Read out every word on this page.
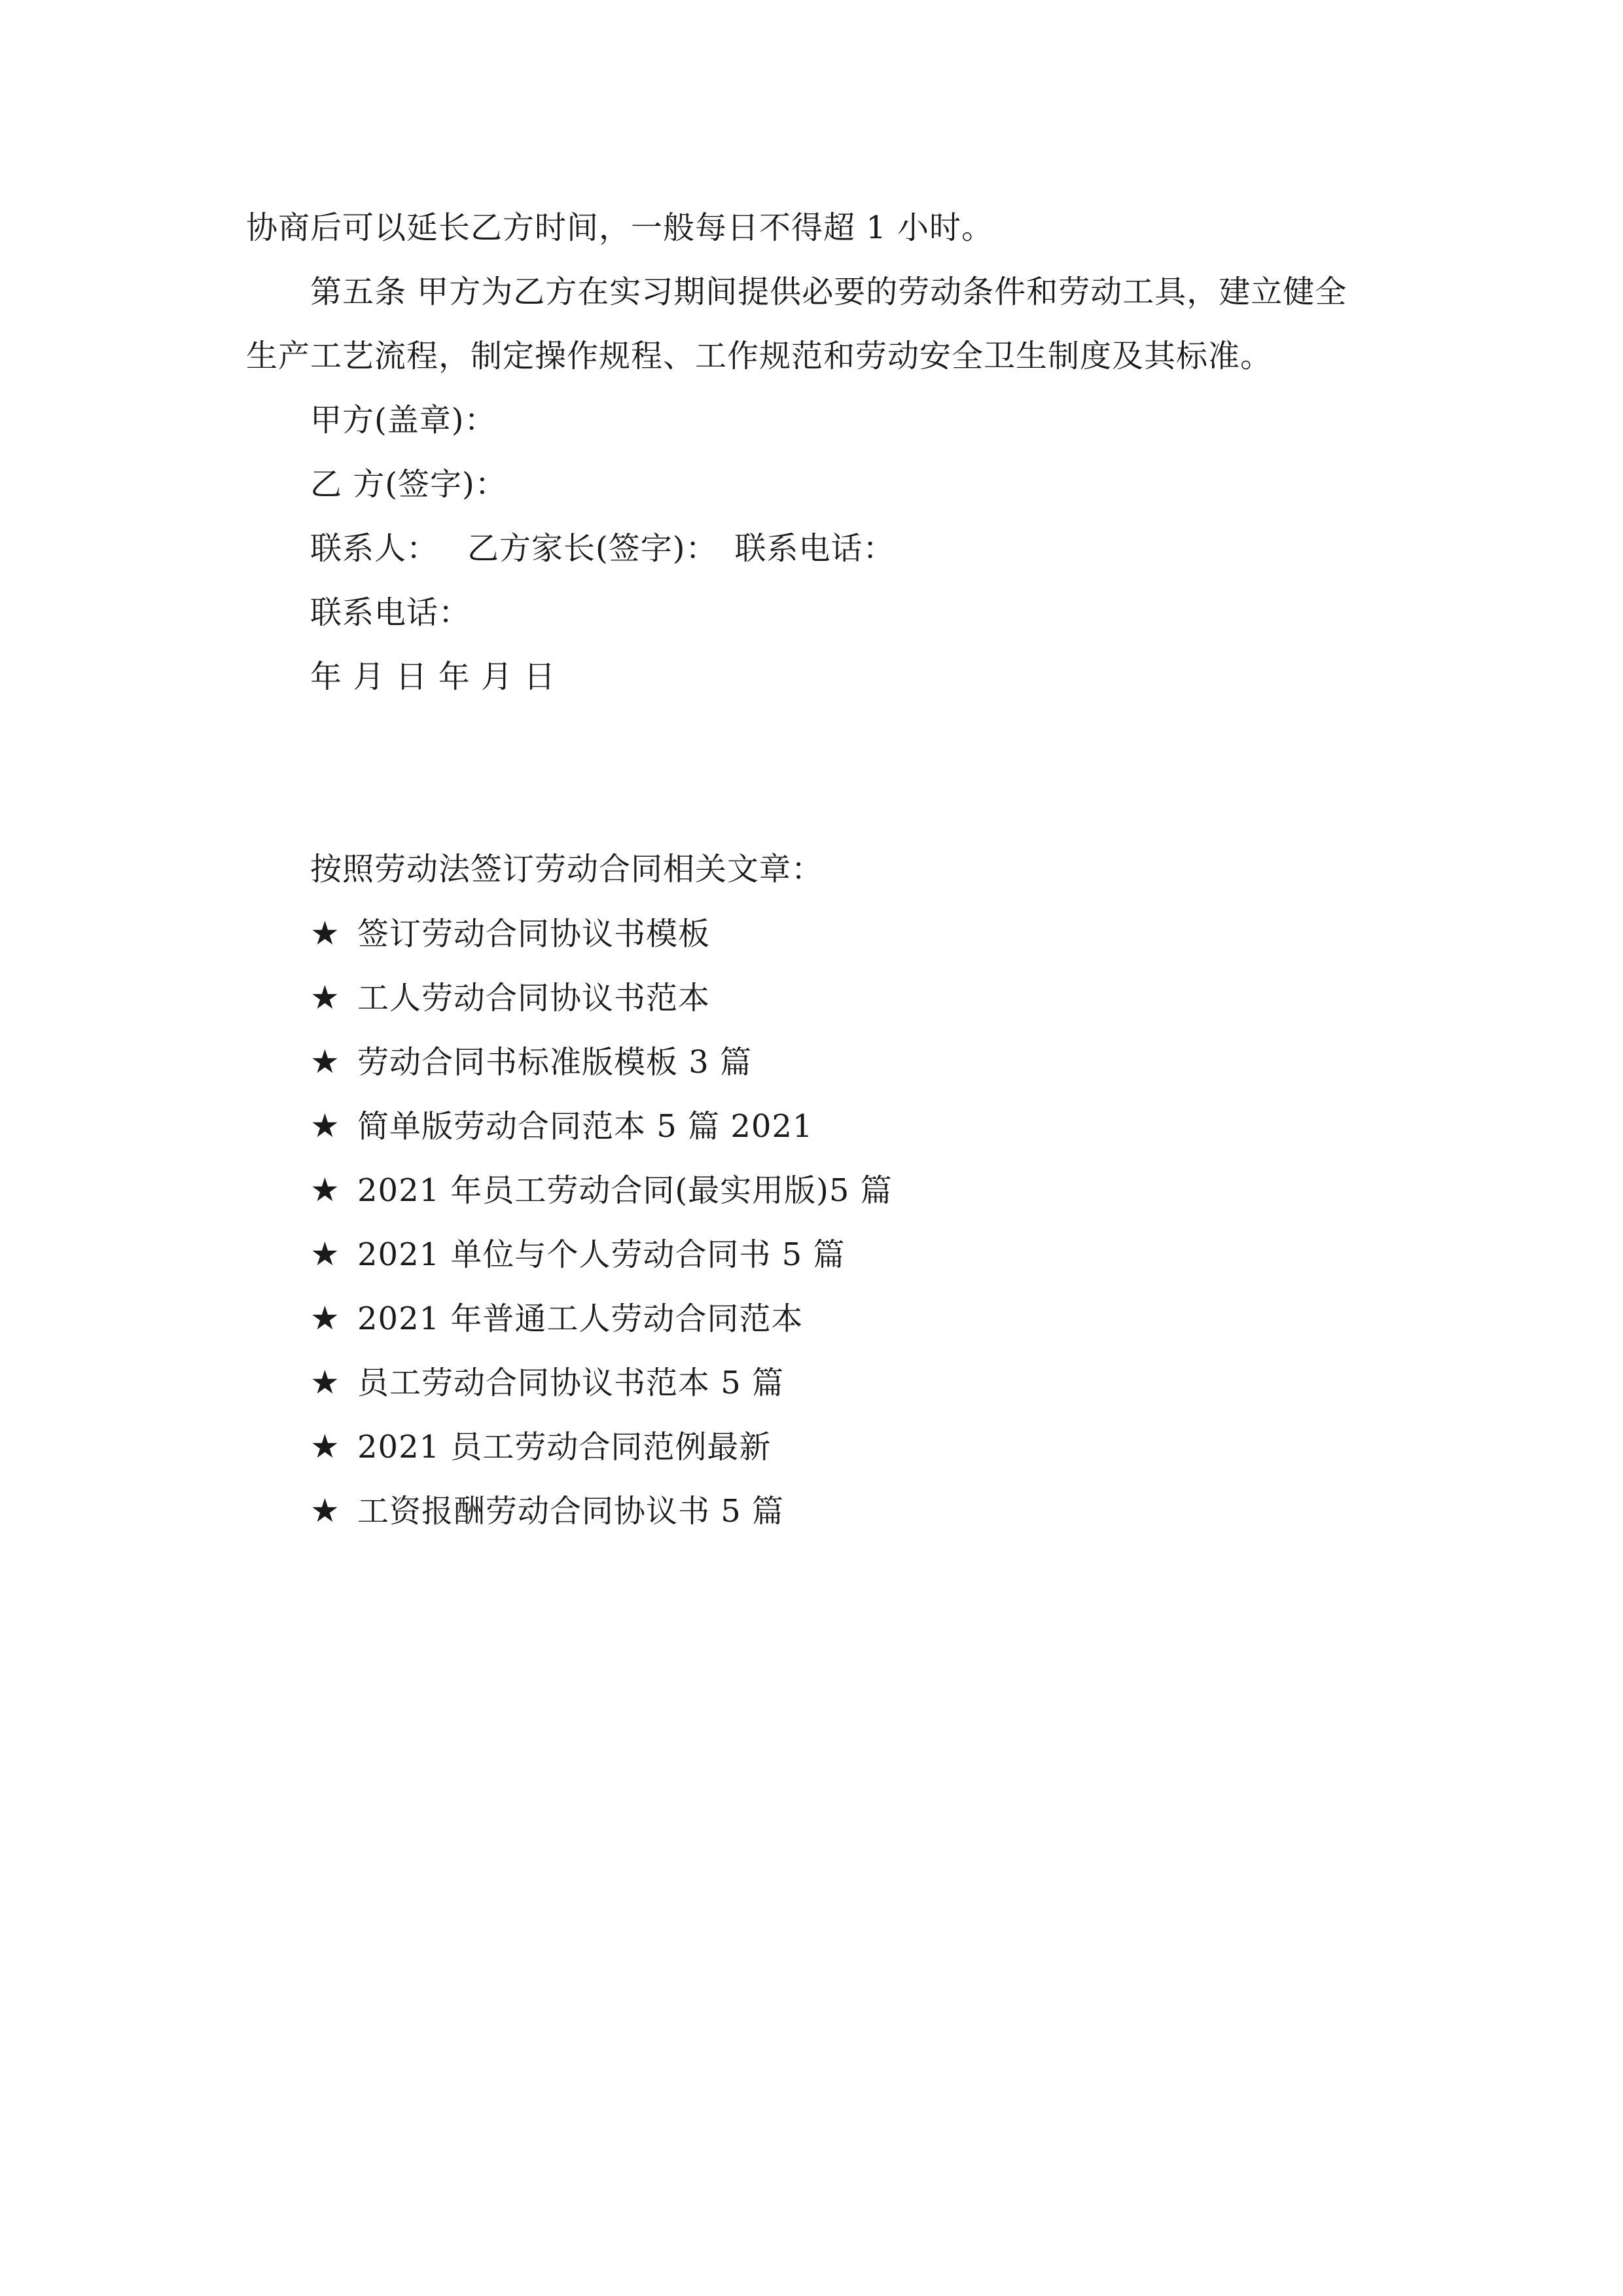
协商后可以延长乙方时间，一般每日不得超 1 小时。
第五条 甲方为乙方在实习期间提供必要的劳动条件和劳动工具，建立健全
生产工艺流程，制定操作规程、工作规范和劳动安全卫生制度及其标准。
甲方(盖章)：
乙 方(签字)：
联系人： 乙方家长(签字)： 联系电话：
联系电话：
年 月 日 年 月 日
按照劳动法签订劳动合同相关文章：
★ 签订劳动合同协议书模板
★ 工人劳动合同协议书范本
★ 劳动合同书标准版模板 3 篇
★ 简单版劳动合同范本 5 篇 2021
★ 2021 年员工劳动合同(最实用版)5 篇
★ 2021 单位与个人劳动合同书 5 篇
★ 2021 年普通工人劳动合同范本
★ 员工劳动合同协议书范本 5 篇
★ 2021 员工劳动合同范例最新
★ 工资报酬劳动合同协议书 5 篇
